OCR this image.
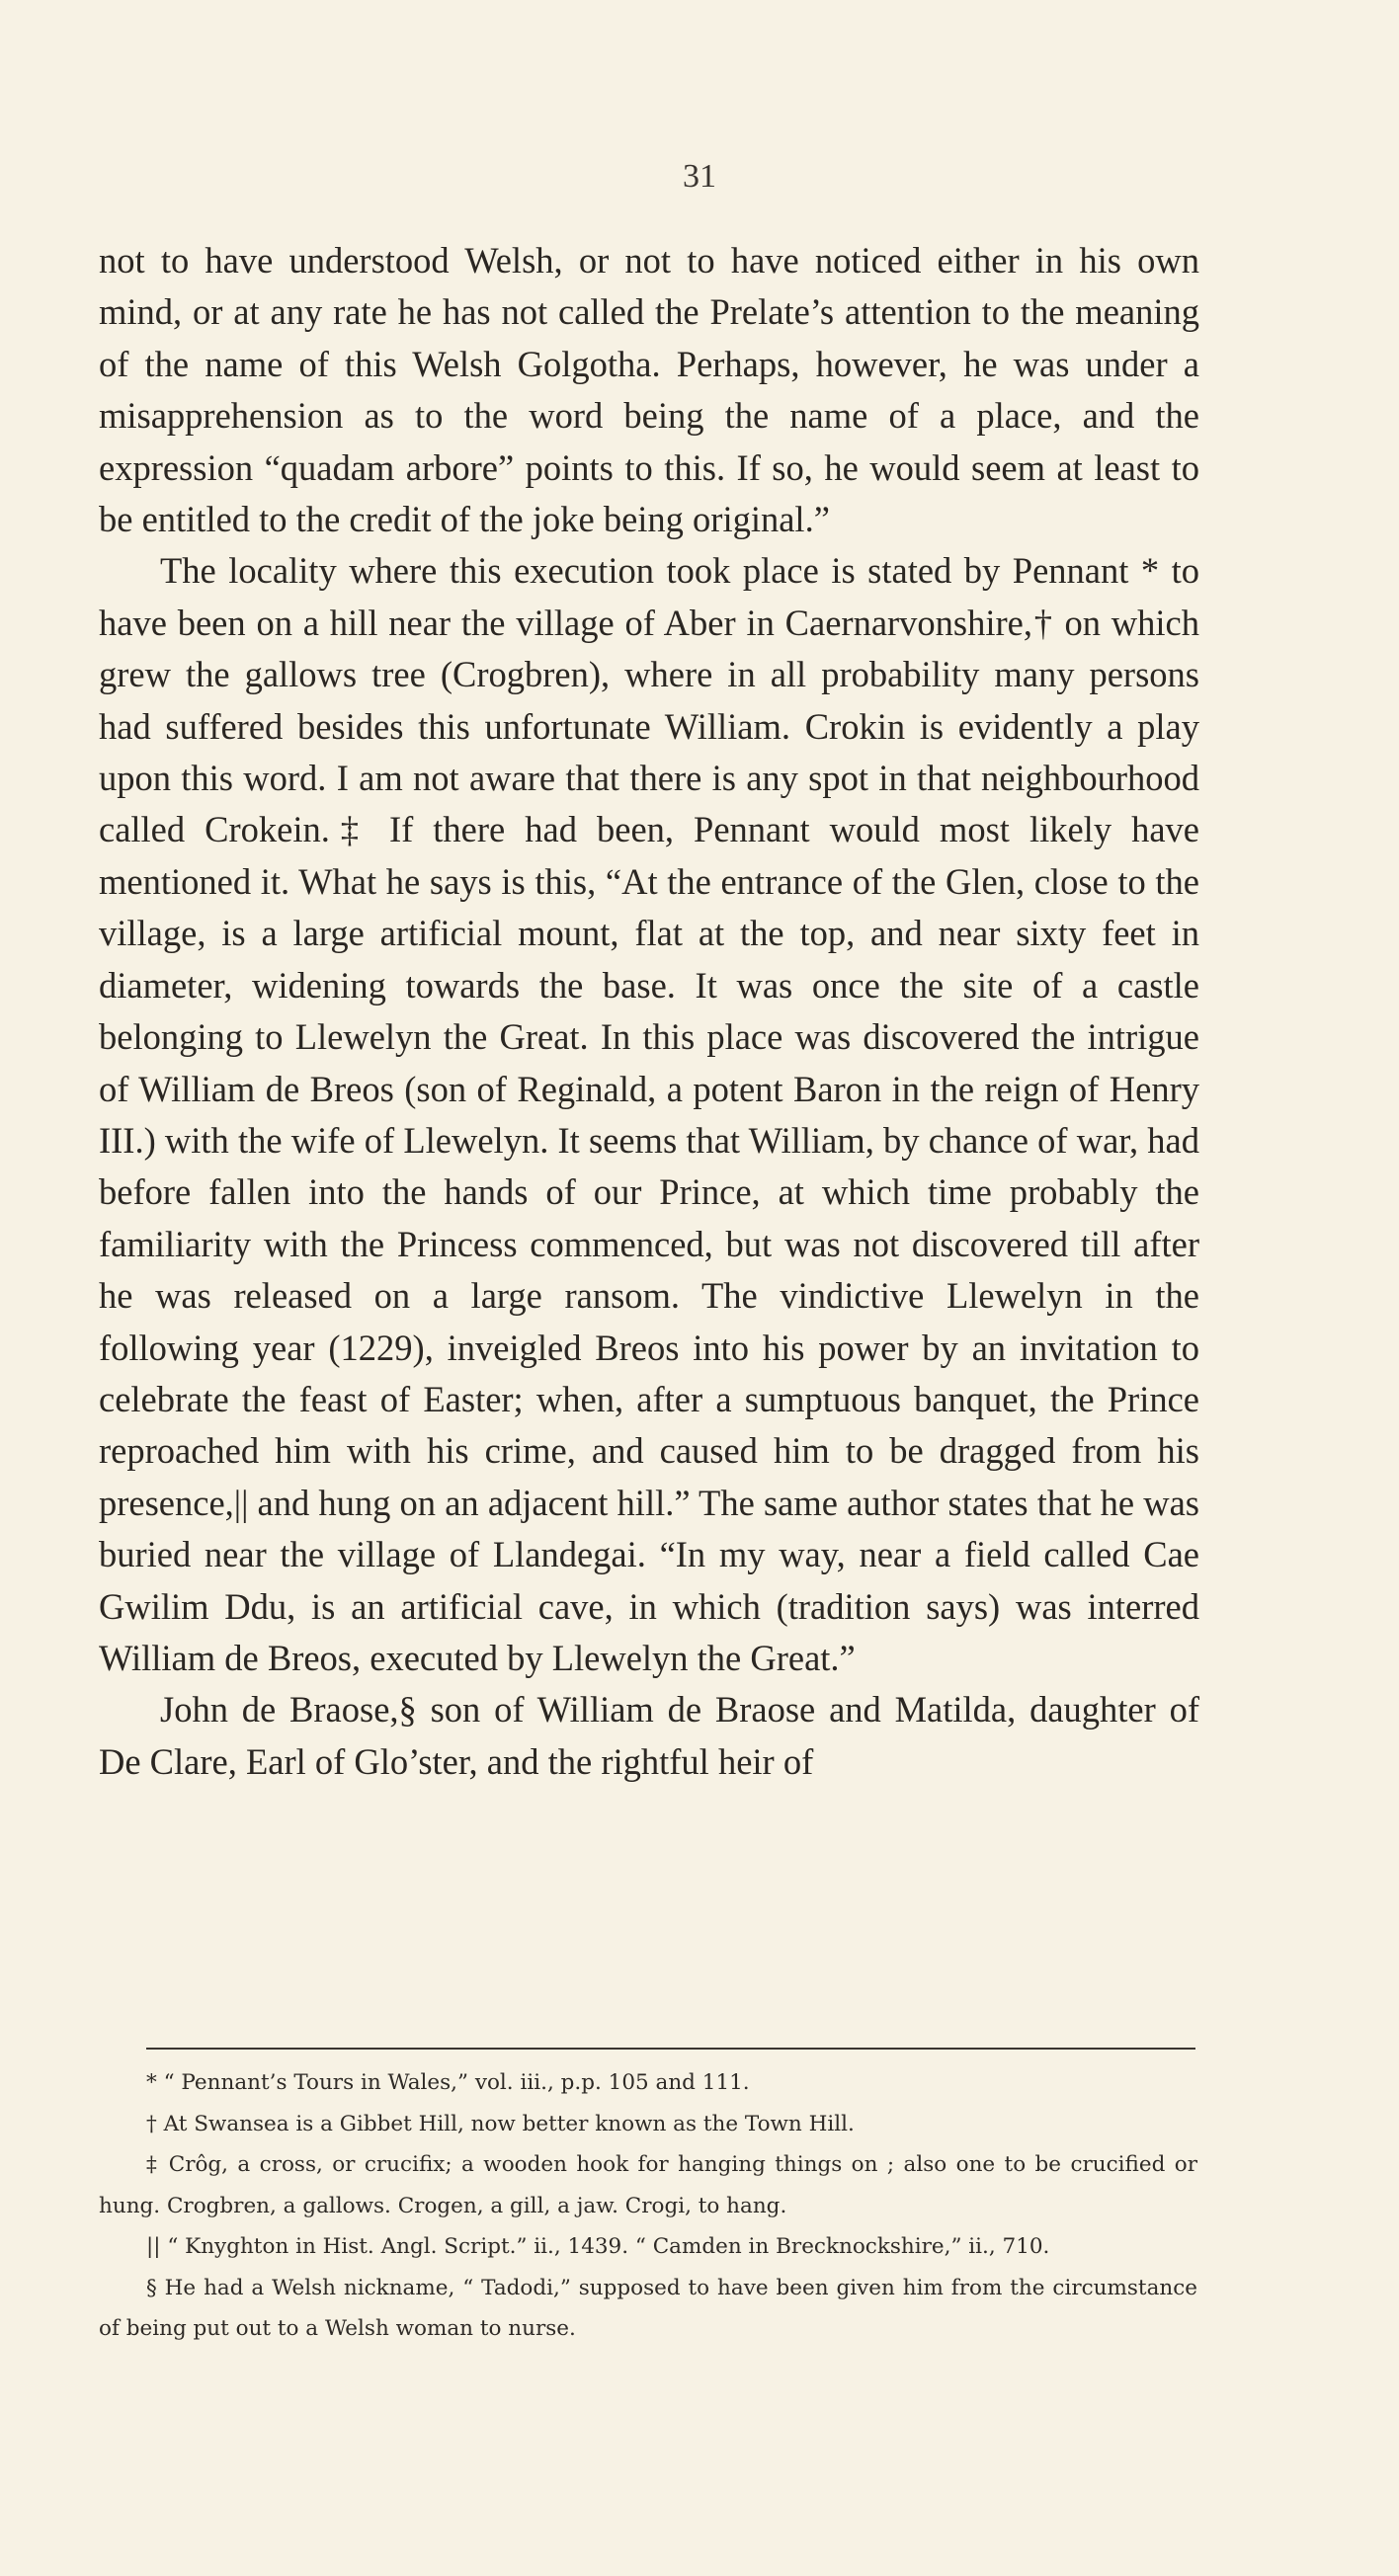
31

not to have understood Welsh, or not to have noticed either in his own mind, or at any rate he has not called the Prelate’s attention to the meaning of the name of this Welsh Golgotha. Perhaps, however, he was under a misapprehension as to the word being the name of a place, and the expression “quadam arbore” points to this. If so, he would seem at least to be entitled to the credit of the joke being original.”

The locality where this execution took place is stated by Pennant * to have been on a hill near the village of Aber in Caernarvonshire,† on which grew the gallows tree (Crogbren), where in all probability many persons had suffered besides this unfortunate William. Crokin is evidently a play upon this word. I am not aware that there is any spot in that neighbourhood called Crokein.‡ If there had been, Pennant would most likely have mentioned it. What he says is this, “At the entrance of the Glen, close to the village, is a large artificial mount, flat at the top, and near sixty feet in diameter, widening towards the base. It was once the site of a castle belonging to Llewelyn the Great. In this place was discovered the intrigue of William de Breos (son of Reginald, a potent Baron in the reign of Henry III.) with the wife of Llewelyn. It seems that William, by chance of war, had before fallen into the hands of our Prince, at which time probably the familiarity with the Princess commenced, but was not discovered till after he was released on a large ransom. The vindictive Llewelyn in the following year (1229), inveigled Breos into his power by an invitation to celebrate the feast of Easter; when, after a sumptuous banquet, the Prince reproached him with his crime, and caused him to be dragged from his presence,|| and hung on an adjacent hill.” The same author states that he was buried near the village of Llandegai. “In my way, near a field called Cae Gwilim Ddu, is an artificial cave, in which (tradition says) was interred William de Breos, executed by Llewelyn the Great.”

John de Braose,§ son of William de Braose and Matilda, daughter of De Clare, Earl of Glo’ster, and the rightful heir of

* “ Pennant’s Tours in Wales,” vol. iii., p.p. 105 and 111.

† At Swansea is a Gibbet Hill, now better known as the Town Hill.

‡ Crôg, a cross, or crucifix; a wooden hook for hanging things on ; also one to be crucified or hung. Crogbren, a gallows. Crogen, a gill, a jaw. Crogi, to hang.

|| “ Knyghton in Hist. Angl. Script.” ii., 1439. “ Camden in Brecknockshire,” ii., 710.

§ He had a Welsh nickname, “ Tadodi,” supposed to have been given him from the circumstance of being put out to a Welsh woman to nurse.
